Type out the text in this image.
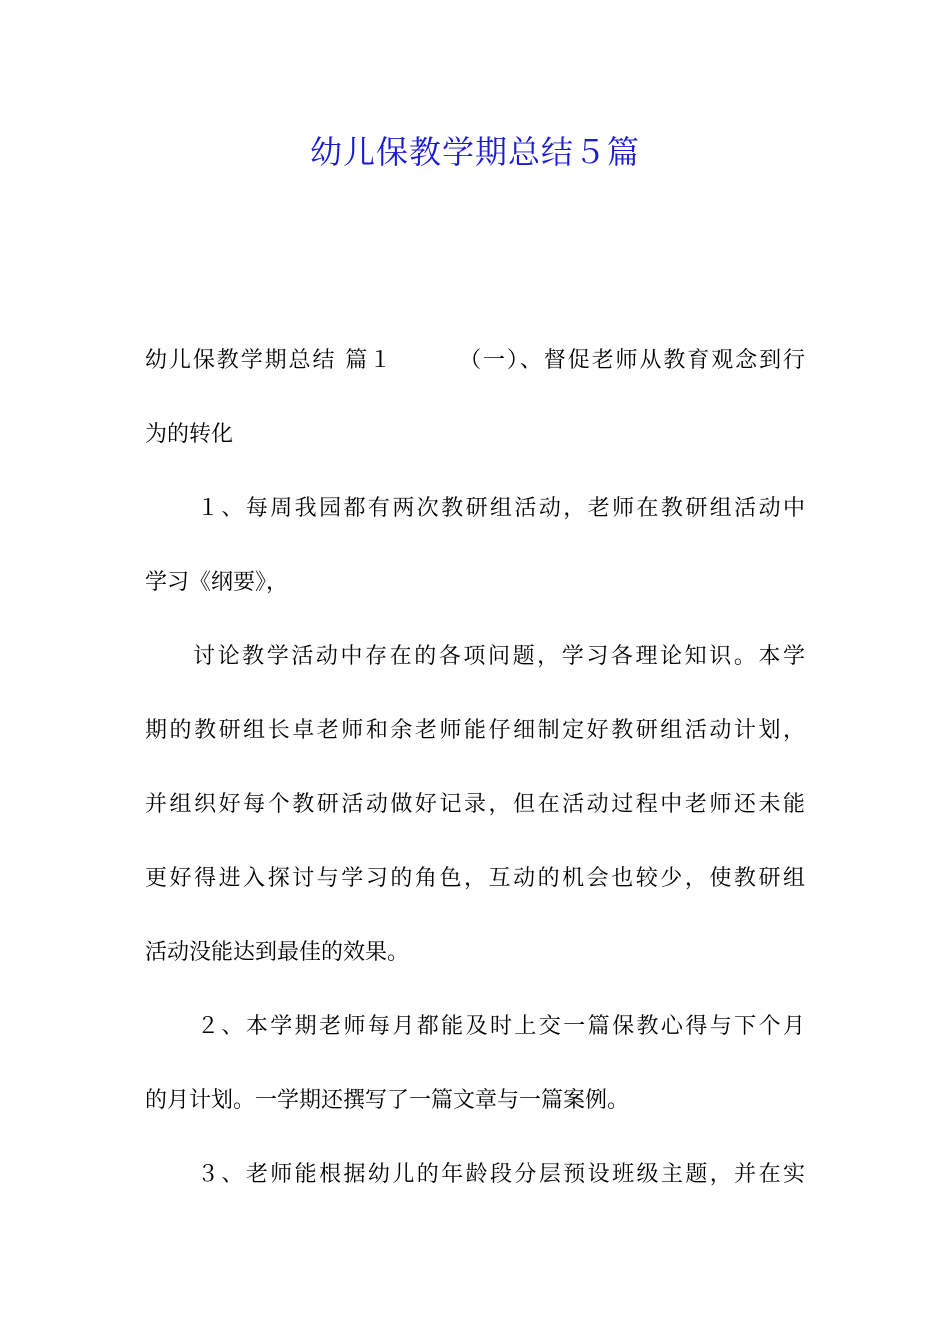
幼儿保教学期总结５篇
幼儿保教学期总结 篇１	（一）、督促老师从教育观念到行
为的转化
１、每周我园都有两次教研组活动，老师在教研组活动中
学习《纲要》，
讨论教学活动中存在的各项问题，学习各理论知识。本学
期的教研组长卓老师和余老师能仔细制定好教研组活动计划，
并组织好每个教研活动做好记录，但在活动过程中老师还未能
更好得进入探讨与学习的角色，互动的机会也较少，使教研组
活动没能达到最佳的效果。
２、本学期老师每月都能及时上交一篇保教心得与下个月
的月计划。一学期还撰写了一篇文章与一篇案例。
３、老师能根据幼儿的年龄段分层预设班级主题，并在实
